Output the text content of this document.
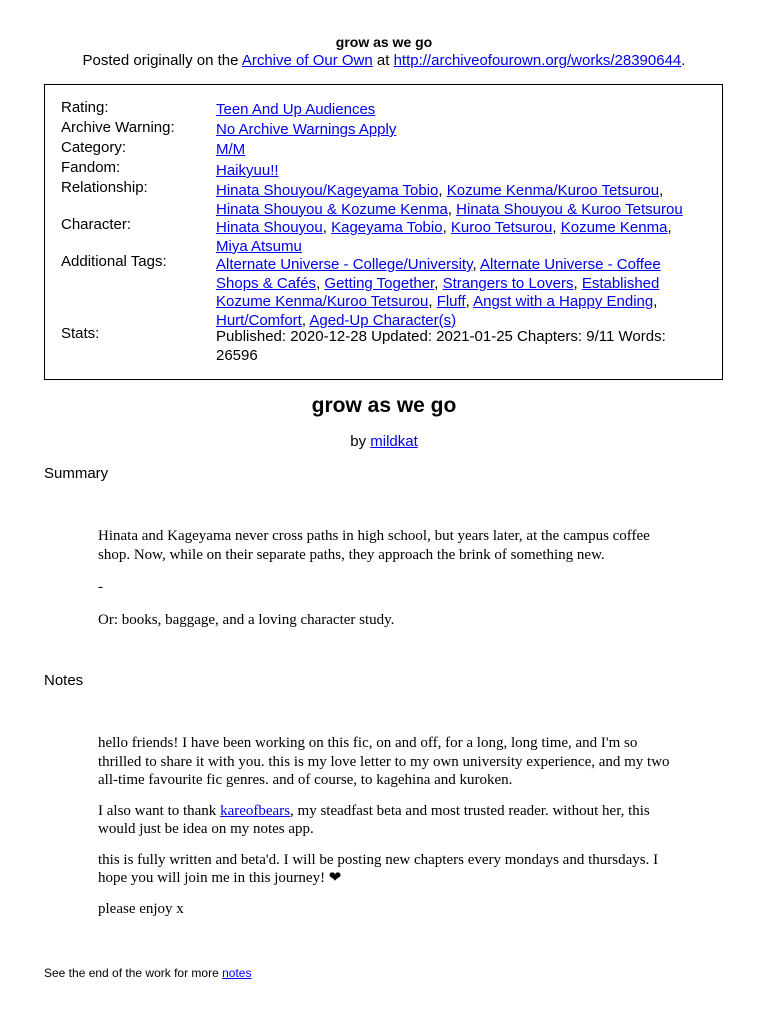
grow as we go
Posted originally on the Archive of Our Own at http://archiveofourown.org/works/28390644.
Rating:	Teen And Up Audiences
Archive Warning:	No Archive Warnings Apply
Category:	M/M
Fandom:	Haikyuu!!
Relationship:	Hinata Shouyou/Kageyama Tobio, Kozume Kenma/Kuroo Tetsurou, Hinata Shouyou & Kozume Kenma, Hinata Shouyou & Kuroo Tetsurou
Character:	Hinata Shouyou, Kageyama Tobio, Kuroo Tetsurou, Kozume Kenma, Miya Atsumu
Additional Tags:	Alternate Universe - College/University, Alternate Universe - Coffee Shops & Cafés, Getting Together, Strangers to Lovers, Established Kozume Kenma/Kuroo Tetsurou, Fluff, Angst with a Happy Ending, Hurt/Comfort, Aged-Up Character(s)
Stats:	Published: 2020-12-28 Updated: 2021-01-25 Chapters: 9/11 Words: 26596
grow as we go
by mildkat
Summary

Hinata and Kageyama never cross paths in high school, but years later, at the campus coffee shop. Now, while on their separate paths, they approach the brink of something new.

-

Or: books, baggage, and a loving character study.

Notes

hello friends! I have been working on this fic, on and off, for a long, long time, and I'm so thrilled to share it with you. this is my love letter to my own university experience, and my two all-time favourite fic genres. and of course, to kagehina and kuroken.

I also want to thank kareofbears, my steadfast beta and most trusted reader. without her, this would just be idea on my notes app.

this is fully written and beta'd. I will be posting new chapters every mondays and thursdays. I hope you will join me in this journey! ❤

please enjoy x

See the end of the work for more notes
